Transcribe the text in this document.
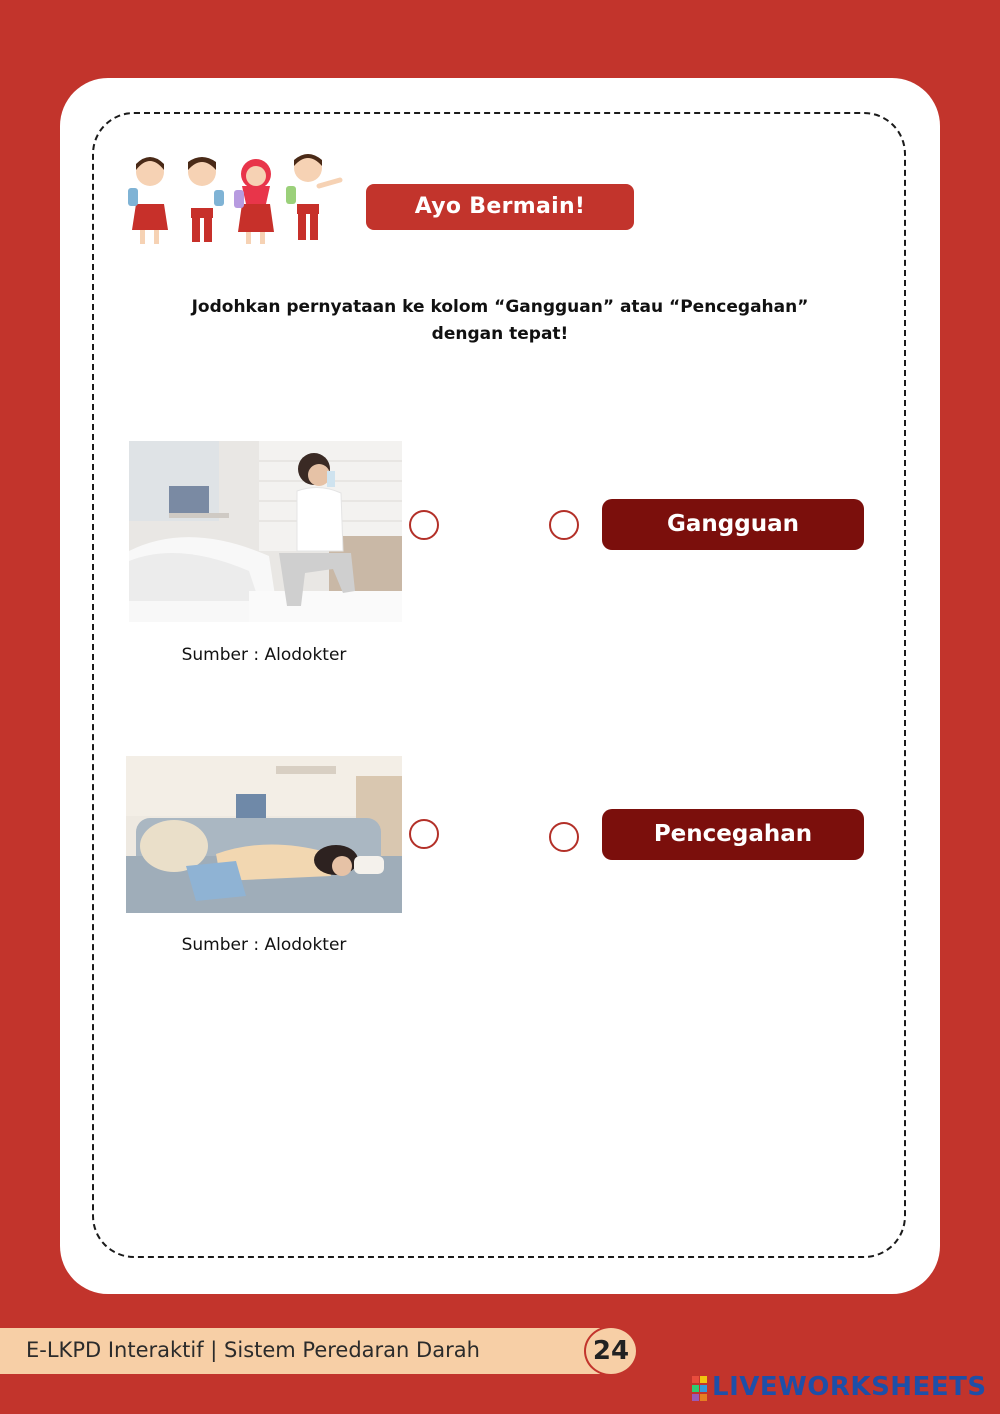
Ayo Bermain!
Jodohkan pernyataan ke kolom “Gangguan” atau “Pencegahan”
dengan tepat!
Sumber : Alodokter
Sumber : Alodokter
Gangguan
Pencegahan
E-LKPD Interaktif | Sistem Peredaran Darah	24
LIVEWORKSHEETS
